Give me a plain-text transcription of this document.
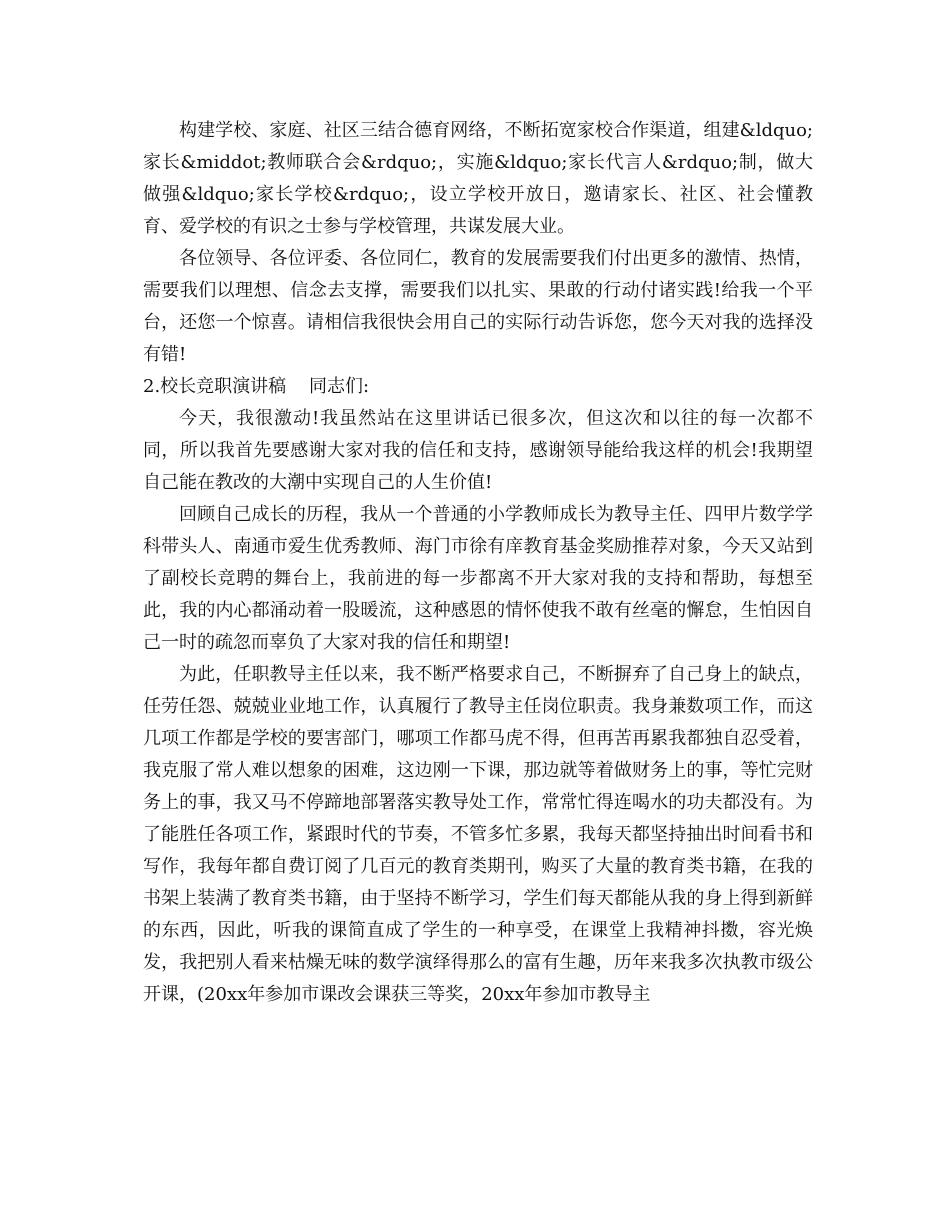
构建学校、家庭、社区三结合德育网络，不断拓宽家校合作渠道，组建&ldquo;家长&middot;教师联合会&rdquo;，实施&ldquo;家长代言人&rdquo;制，做大做强&ldquo;家长学校&rdquo;，设立学校开放日，邀请家长、社区、社会懂教育、爱学校的有识之士参与学校管理，共谋发展大业。

各位领导、各位评委、各位同仁，教育的发展需要我们付出更多的激情、热情，需要我们以理想、信念去支撑，需要我们以扎实、果敢的行动付诸实践!给我一个平台，还您一个惊喜。请相信我很快会用自己的实际行动告诉您，您今天对我的选择没有错!

2.校长竞职演讲稿    同志们:

今天，我很激动!我虽然站在这里讲话已很多次，但这次和以往的每一次都不同，所以我首先要感谢大家对我的信任和支持，感谢领导能给我这样的机会!我期望自己能在教改的大潮中实现自己的人生价值!

回顾自己成长的历程，我从一个普通的小学教师成长为教导主任、四甲片数学学科带头人、南通市爱生优秀教师、海门市徐有庠教育基金奖励推荐对象，今天又站到了副校长竞聘的舞台上，我前进的每一步都离不开大家对我的支持和帮助，每想至此，我的内心都涌动着一股暖流，这种感恩的情怀使我不敢有丝毫的懈怠，生怕因自己一时的疏忽而辜负了大家对我的信任和期望!

为此，任职教导主任以来，我不断严格要求自己，不断摒弃了自己身上的缺点，任劳任怨、兢兢业业地工作，认真履行了教导主任岗位职责。我身兼数项工作，而这几项工作都是学校的要害部门，哪项工作都马虎不得，但再苦再累我都独自忍受着，我克服了常人难以想象的困难，这边刚一下课，那边就等着做财务上的事，等忙完财务上的事，我又马不停蹄地部署落实教导处工作，常常忙得连喝水的功夫都没有。为了能胜任各项工作，紧跟时代的节奏，不管多忙多累，我每天都坚持抽出时间看书和写作，我每年都自费订阅了几百元的教育类期刊，购买了大量的教育类书籍，在我的书架上装满了教育类书籍，由于坚持不断学习，学生们每天都能从我的身上得到新鲜的东西，因此，听我的课简直成了学生的一种享受，在课堂上我精神抖擞，容光焕发，我把别人看来枯燥无味的数学演绎得那么的富有生趣，历年来我多次执教市级公开课，(20xx年参加市课改会课获三等奖，20xx年参加市教导主
